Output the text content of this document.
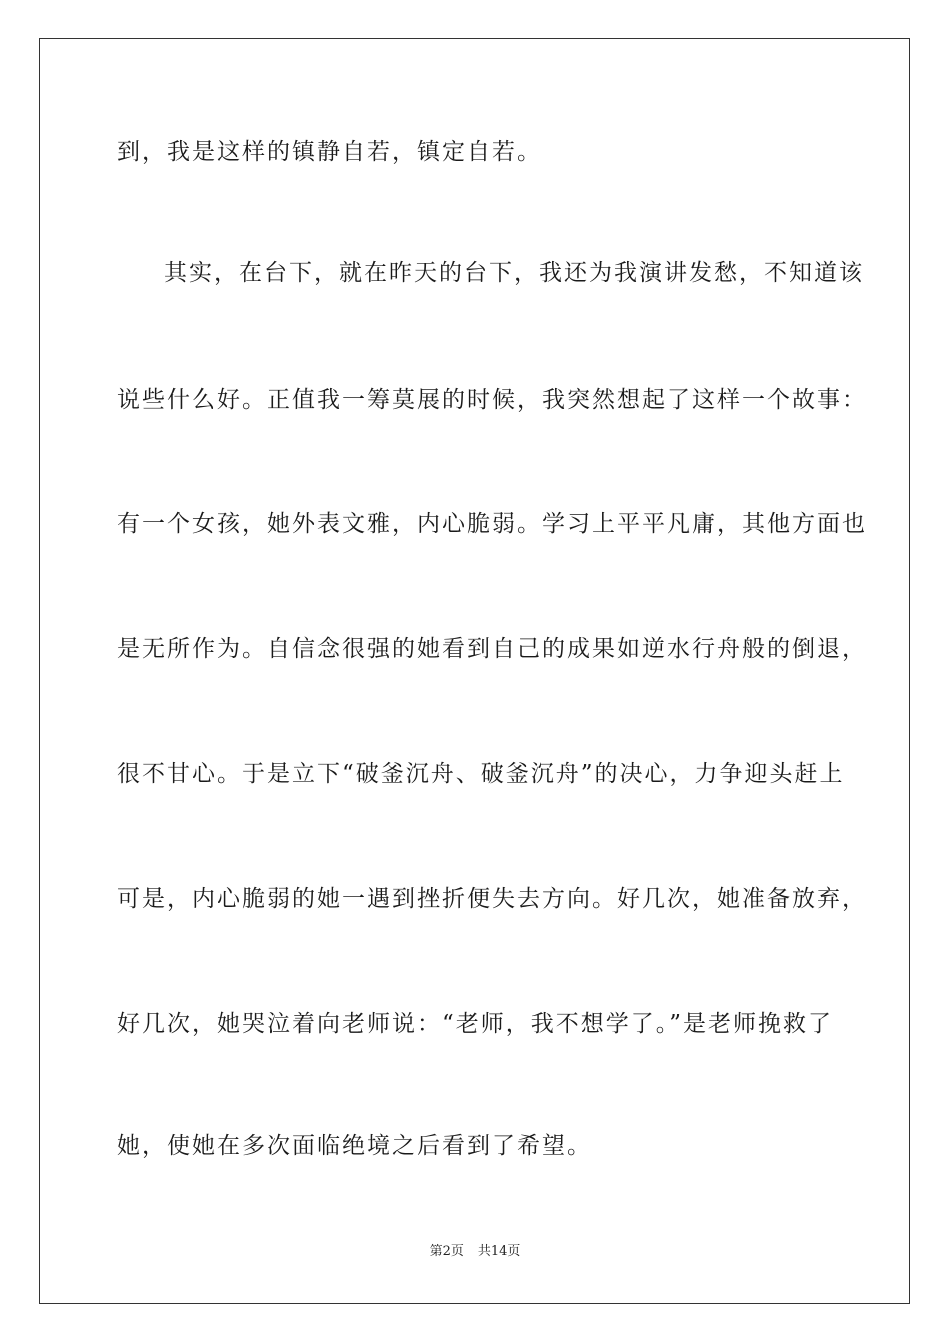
到，我是这样的镇静自若，镇定自若。
其实，在台下，就在昨天的台下，我还为我演讲发愁，不知道该
说些什么好。正值我一筹莫展的时候，我突然想起了这样一个故事：
有一个女孩，她外表文雅，内心脆弱。学习上平平凡庸，其他方面也
是无所作为。自信念很强的她看到自己的成果如逆水行舟般的倒退，
很不甘心。于是立下“破釜沉舟、破釜沉舟”的决心，力争迎头赶上
可是，内心脆弱的她一遇到挫折便失去方向。好几次，她准备放弃，
好几次，她哭泣着向老师说：“老师，我不想学了。”是老师挽救了
她，使她在多次面临绝境之后看到了希望。
第2页 共14页
